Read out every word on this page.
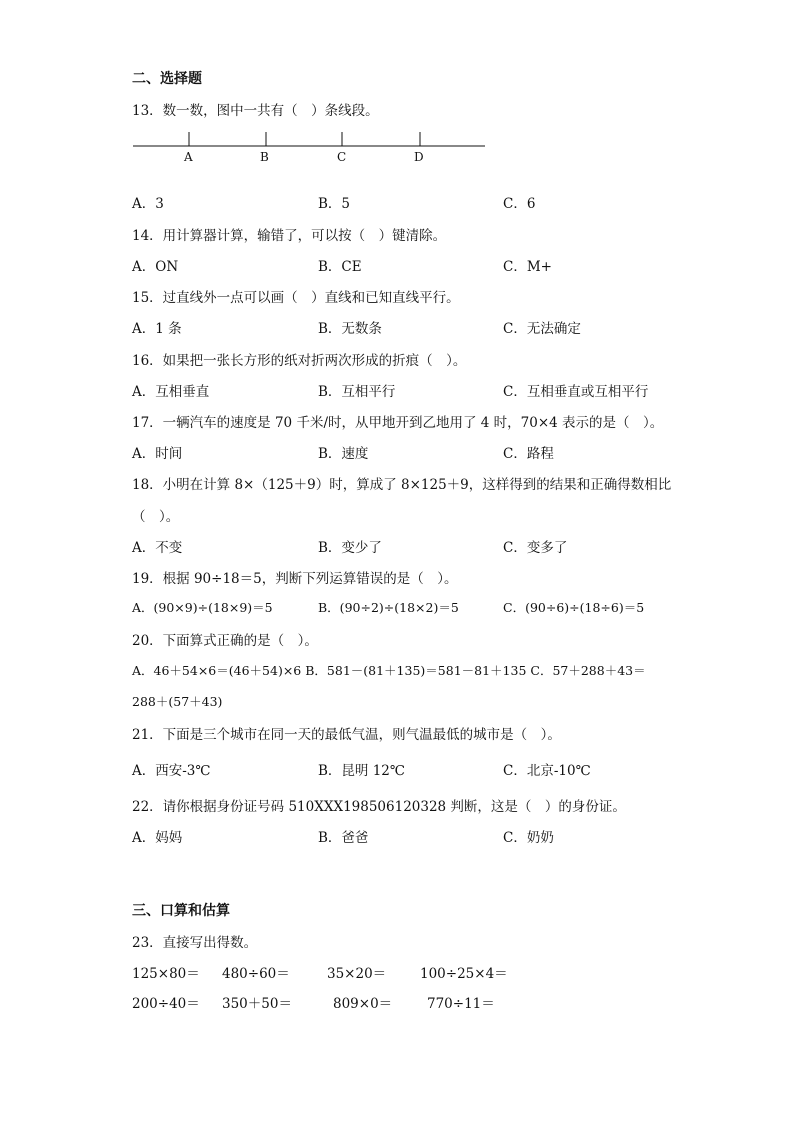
二、选择题
13．数一数，图中一共有（　）条线段。
A	B	C	D
A．3	B．5	C．6
14．用计算器计算，输错了，可以按（　）键清除。
A．ON	B．CE	C．M+
15．过直线外一点可以画（　）直线和已知直线平行。
A．1 条	B．无数条	C．无法确定
16．如果把一张长方形的纸对折两次形成的折痕（　）。
A．互相垂直	B．互相平行	C．互相垂直或互相平行
17．一辆汽车的速度是 70 千米/时，从甲地开到乙地用了 4 时，70×4 表示的是（　）。
A．时间	B．速度	C．路程
18．小明在计算 8×（125＋9）时，算成了 8×125＋9，这样得到的结果和正确得数相比
（　）。
A．不变	B．变少了	C．变多了
19．根据 90÷18＝5，判断下列运算错误的是（　）。
A．(90×9)÷(18×9)＝5	B．(90÷2)÷(18×2)＝5	C．(90÷6)÷(18÷6)＝5
20．下面算式正确的是（　）。
A．46＋54×6＝(46＋54)×6 B．581－(81＋135)＝581－81＋135 C．57＋288＋43＝
288＋(57＋43)
21．下面是三个城市在同一天的最低气温，则气温最低的城市是（　）。
A．西安-3℃	B．昆明 12℃	C．北京-10℃
22．请你根据身份证号码 510XXX198506120328 判断，这是（　）的身份证。
A．妈妈	B．爸爸	C．奶奶
三、口算和估算
23．直接写出得数。
125×80＝ 480÷60＝	35×20＝	100÷25×4＝
200÷40＝ 350＋50＝	809×0＝	770÷11＝
